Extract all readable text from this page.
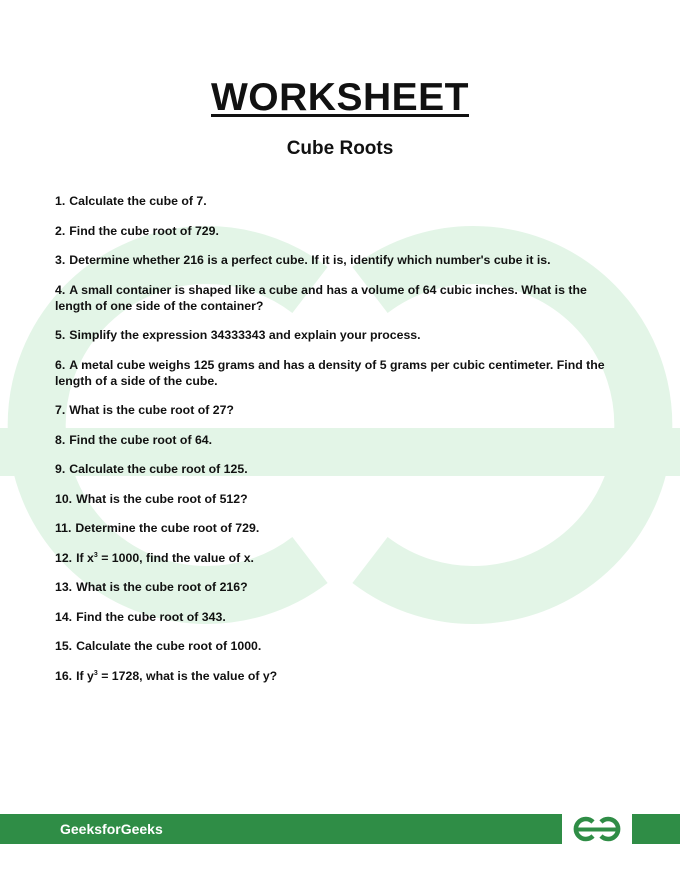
WORKSHEET
Cube Roots
1. Calculate the cube of 7.
2. Find the cube root of 729.
3. Determine whether 216 is a perfect cube. If it is, identify which number's cube it is.
4. A small container is shaped like a cube and has a volume of 64 cubic inches. What is the length of one side of the container?
5. Simplify the expression 34333343 and explain your process.
6. A metal cube weighs 125 grams and has a density of 5 grams per cubic centimeter. Find the length of a side of the cube.
7. What is the cube root of 27?
8. Find the cube root of 64.
9. Calculate the cube root of 125.
10. What is the cube root of 512?
11. Determine the cube root of 729.
12. If $x^3 = 1000$, find the value of x.
13. What is the cube root of 216?
14. Find the cube root of 343.
15. Calculate the cube root of 1000.
16. If $y^3 = 1728$, what is the value of y?
GeeksforGeeks
